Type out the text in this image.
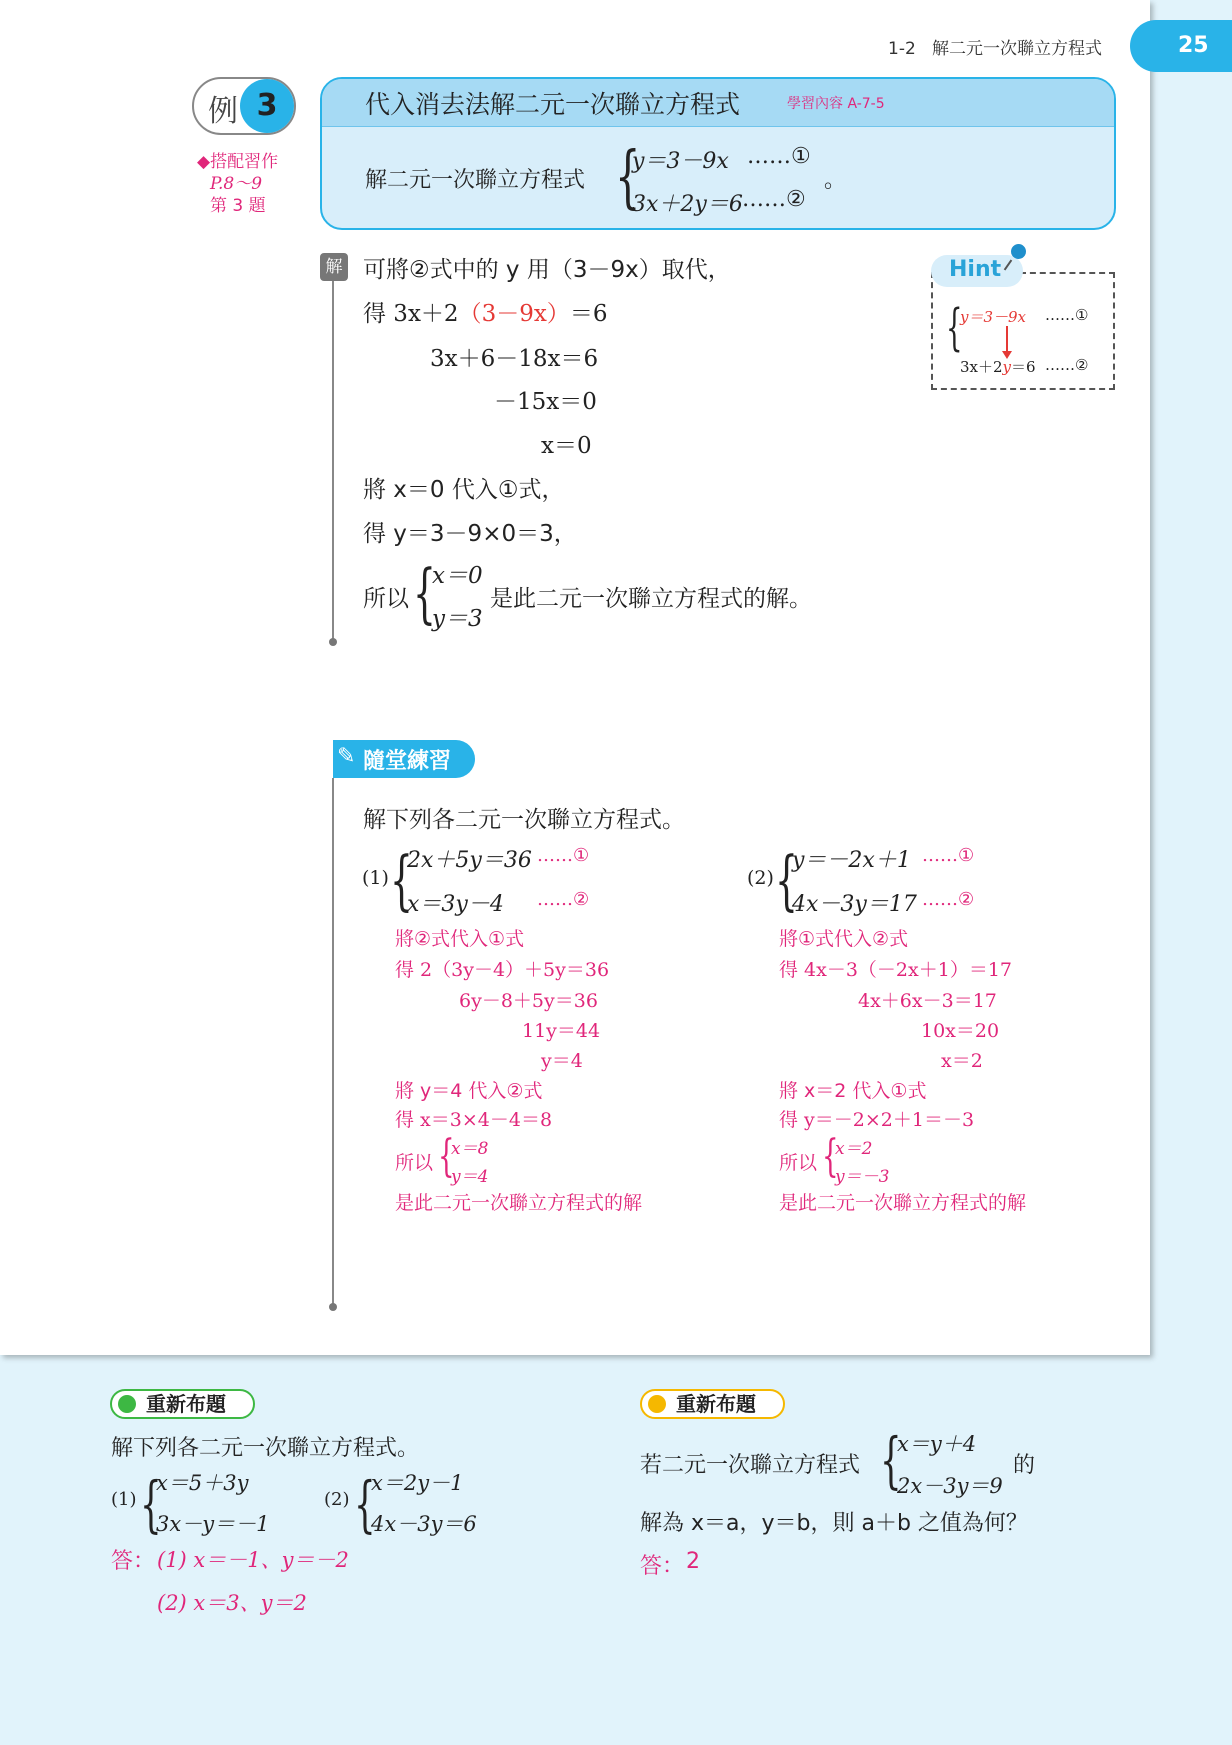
1-2 解二元一次聯立方程式	25
例 3
◆搭配習作
P.8～9
第 3 題
代入消去法解二元一次聯立方程式	學習內容 A-7-5
解二元一次聯立方程式 {
y＝3－9x ……①
3x＋2y＝6 ……②
。
解 可將②式中的 y 用（3－9x）取代，
得 3x＋2（3－9x）＝6
3x＋6－18x＝6
－15x＝0
x＝0
將 x＝0 代入①式，
得 y＝3－9×0＝3，
所以 {
x＝0
y＝3
是此二元一次聯立方程式的解。
Hint
{
y＝3－9x ……①
3x＋2y＝6 ……②
✎ 隨堂練習
解下列各二元一次聯立方程式。
(1) {
2x＋5y＝36 ……①
x＝3y－4 ……②
將②式代入①式
得 2（3y－4）＋5y＝36
6y－8＋5y＝36
11y＝44
y＝4
將 y＝4 代入②式
得 x＝3×4－4＝8
所以 {
x＝8
y＝4
是此二元一次聯立方程式的解
(2) {
y＝－2x＋1 ……①
4x－3y＝17 ……②
將①式代入②式
得 4x－3（－2x＋1）＝17
4x＋6x－3＝17
10x＝20
x＝2
將 x＝2 代入①式
得 y＝－2×2＋1＝－3
所以 {
x＝2
y＝－3
是此二元一次聯立方程式的解
重新布題
解下列各二元一次聯立方程式。
(1) {
x＝5＋3y
3x－y＝－1
(2) {
x＝2y－1
4x－3y＝6
答： (1) x＝－1、y＝－2
(2) x＝3、y＝2
重新布題
若二元一次聯立方程式 {
x＝y＋4
2x－3y＝9
的
解為 x＝a，y＝b，則 a＋b 之值為何？
答： 2
